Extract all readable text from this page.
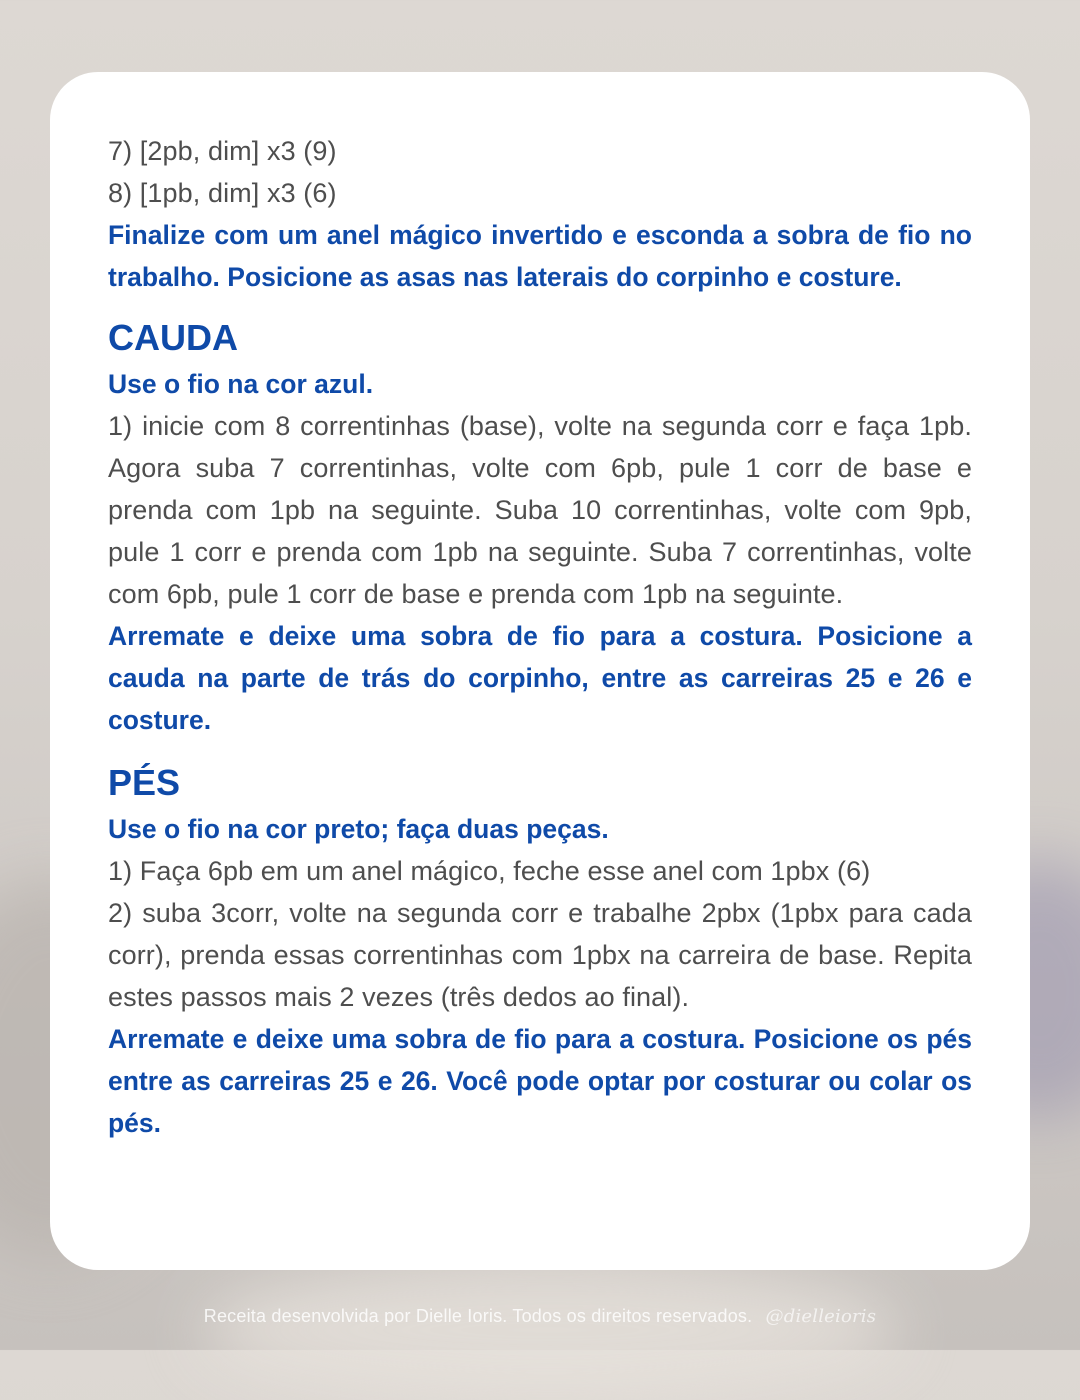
7) [2pb, dim] x3 (9)
8) [1pb, dim] x3 (6)

Finalize com um anel mágico invertido e esconda a sobra de fio no trabalho. Posicione as asas nas laterais do corpinho e costure.

CAUDA

Use o fio na cor azul.

1) inicie com 8 correntinhas (base), volte na segunda corr e faça 1pb. Agora suba 7 correntinhas, volte com 6pb, pule 1 corr de base e prenda com 1pb na seguinte. Suba 10 correntinhas, volte com 9pb, pule 1 corr e prenda com 1pb na seguinte. Suba 7 correntinhas, volte com 6pb, pule 1 corr de base e prenda com 1pb na seguinte.

Arremate e deixe uma sobra de fio para a costura. Posicione a cauda na parte de trás do corpinho, entre as carreiras 25 e 26 e costure.

PÉS

Use o fio na cor preto; faça duas peças.

1) Faça 6pb em um anel mágico, feche esse anel com 1pbx (6)

2) suba 3corr, volte na segunda corr e trabalhe 2pbx (1pbx para cada corr), prenda essas correntinhas com 1pbx na carreira de base. Repita estes passos mais 2 vezes (três dedos ao final).

Arremate e deixe uma sobra de fio para a costura. Posicione os pés entre as carreiras 25 e 26. Você pode optar por costurar ou colar os pés.

Receita desenvolvida por Dielle Ioris. Todos os direitos reservados. @dielleioris
